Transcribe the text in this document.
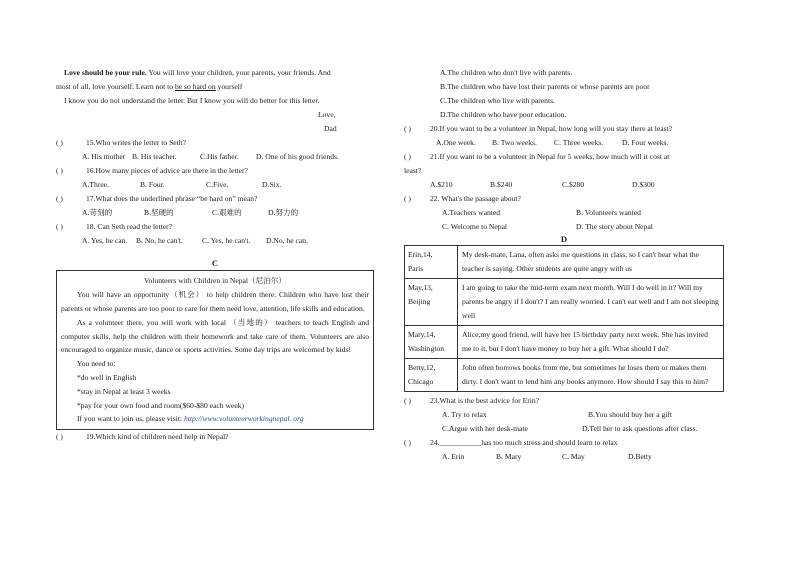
Love should be your rule. You will love your children, your parents, your friends. And
most of all, love yourself. Learn not to be so hard on yourself
I know you do not understand the letter. But I know you will do better for this letter.
Love,
Dad
( )	15.Who writes the letter to Seth?
A. His mother B. His teacher.	C.His father.	D. One of his good friends.
( )	16.How many pieces of advice are there in the letter?
A.Three.	B. Four.	C.Five.	D.Six.
( )	17.What does the underlined phrase “be hard on” mean?
A.苛刻的	B.坚硬的	C.艰难的	D.努力的
( )	18. Can Seth read the letter?
A. Yes, he can.	B. No, he can't.	C. Yes, he can't.	D.No, he can.
C

Volunteers with Children in Nepal（尼泊尔）

You will have an opportunity（机会） to help children there. Children who have lost their parents or whose parents are too poor to care for them need love, attention, life skills and education.

As a volunteer there, you will work with local （当地的） teachers to teach English and computer skills, help the children with their homework and take care of them. Volunteers are also encouraged to organize music, dance or sports activities. Some day trips are welcomed by kids!

You need to:

*do well in English

*stay in Nepal at least 3 weeks

*pay for your own food and room($60-$80 each week)

If you want to join us, please visit: http://www.volunteerworkingnepal. org

( )	19.Which kind of children need help in Nepal?
A.The children who don't live with parents.
B.The children who have lost their parents or whose parents are poor
C.The children who live with parents.
D.The children who have poor education.
( )	20.If you want to be a volunteer in Nepal, how long will you stay there at least?
A.One week.	B. Two weeks.	C. Three weeks.	D. Four weeks.
( )	21.If you want to be a volunteer in Nepal for 5 weeks, how much will it cost at
least?
A.$210	B.$240	C.$280	D.$300
( )	22. What's the passage about?
A.Teachers wanted	B. Volunteers wanted
C. Welcome to Nepal	D. The story about Nepal
D
Erin,14,
Paris	My desk-mate, Lana, often asks me questions in class, so I can't hear what the teacher is saying. Other students are quite angry with us

May,13,
Beijing	I am going to take the mid-term exam next month. Will I do well in it? Will my parents be angry if I don't? I am really worried. I can't eat well and I am not sleeping well

Mary,14,
Washington	Alice,my good friend, will have her 15 birthday party next week. She has invited me to it, but I don't have money to buy her a gift. What should I do?

Betty,12,
Chicago	John often borrows books from me, but sometimes he loses them or makes them dirty. I don't want to lend him any books anymore. How should I say this to him?
( )	23.What is the best advice for Erin?
A. Try to relax	B.You should buy her a gift
C.Argue with her desk-mate	D.Tell her to ask questions after class.
( )	24.___________has too much stress and should learn to relax
A. Erin	B. Mary	C. May	D.Betty
